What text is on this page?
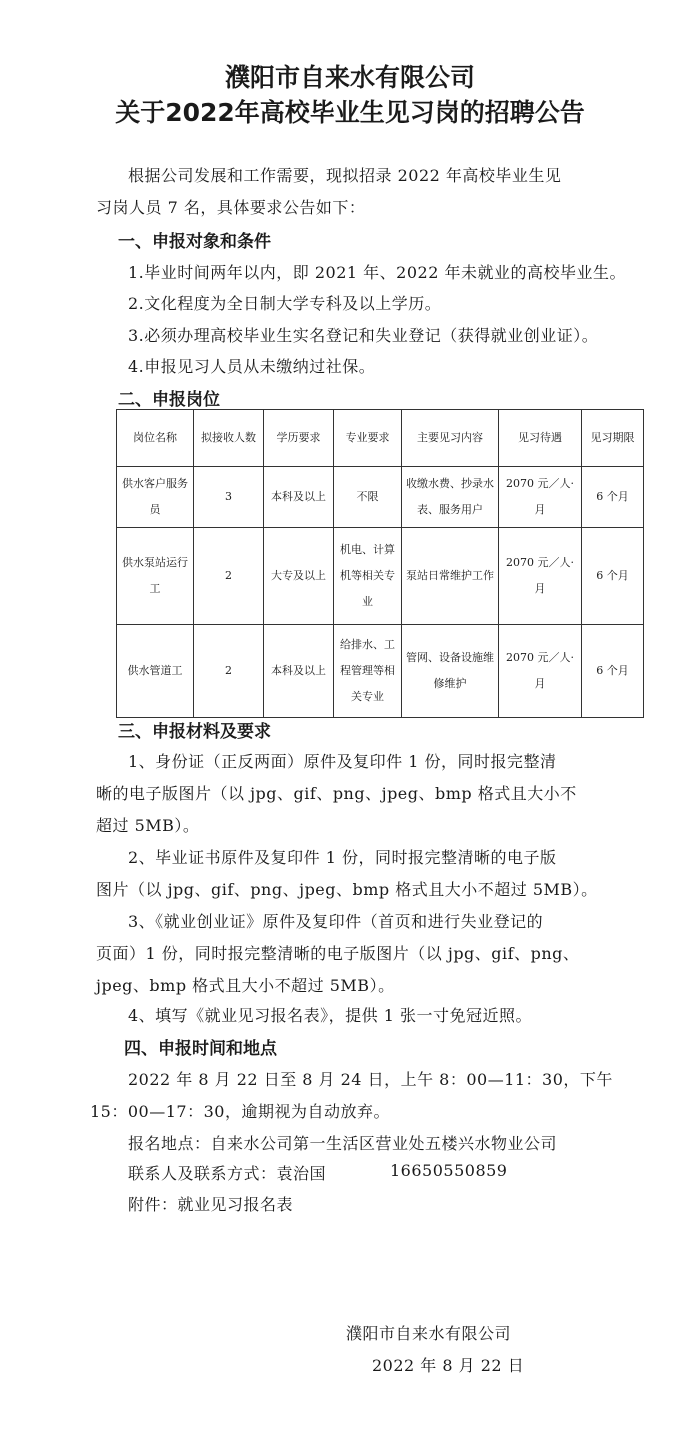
濮阳市自来水有限公司
关于2022年高校毕业生见习岗的招聘公告
根据公司发展和工作需要，现拟招录 2022 年高校毕业生见
习岗人员 7 名，具体要求公告如下：
一、申报对象和条件
1.毕业时间两年以内，即 2021 年、2022 年未就业的高校毕业生。
2.文化程度为全日制大学专科及以上学历。
3.必须办理高校毕业生实名登记和失业登记（获得就业创业证）。
4.申报见习人员从未缴纳过社保。
二、申报岗位
岗位名称	拟接收人数	学历要求	专业要求	主要见习内容	见习待遇	见习期限
供水客户服务员	3	本科及以上	不限	收缴水费、抄录水表、服务用户	2070 元／人·月	6 个月
供水泵站运行工	2	大专及以上	机电、计算机等相关专业	泵站日常维护工作	2070 元／人·月	6 个月
供水管道工	2	本科及以上	给排水、工程管理等相关专业	管网、设备设施维修维护	2070 元／人·月	6 个月
三、申报材料及要求
1、身份证（正反两面）原件及复印件 1 份，同时报完整清
晰的电子版图片（以 jpg、gif、png、jpeg、bmp 格式且大小不
超过 5MB）。
2、毕业证书原件及复印件 1 份，同时报完整清晰的电子版
图片（以 jpg、gif、png、jpeg、bmp 格式且大小不超过 5MB）。
3、《就业创业证》原件及复印件（首页和进行失业登记的
页面）1 份，同时报完整清晰的电子版图片（以 jpg、gif、png、
jpeg、bmp 格式且大小不超过 5MB）。
4、填写《就业见习报名表》，提供 1 张一寸免冠近照。
四、申报时间和地点
2022 年 8 月 22 日至 8 月 24 日，上午 8：00—11：30，下午
15：00—17：30，逾期视为自动放弃。
报名地点：自来水公司第一生活区营业处五楼兴水物业公司
联系人及联系方式：袁治国	16650550859
附件：就业见习报名表
濮阳市自来水有限公司
2022 年 8 月 22 日
